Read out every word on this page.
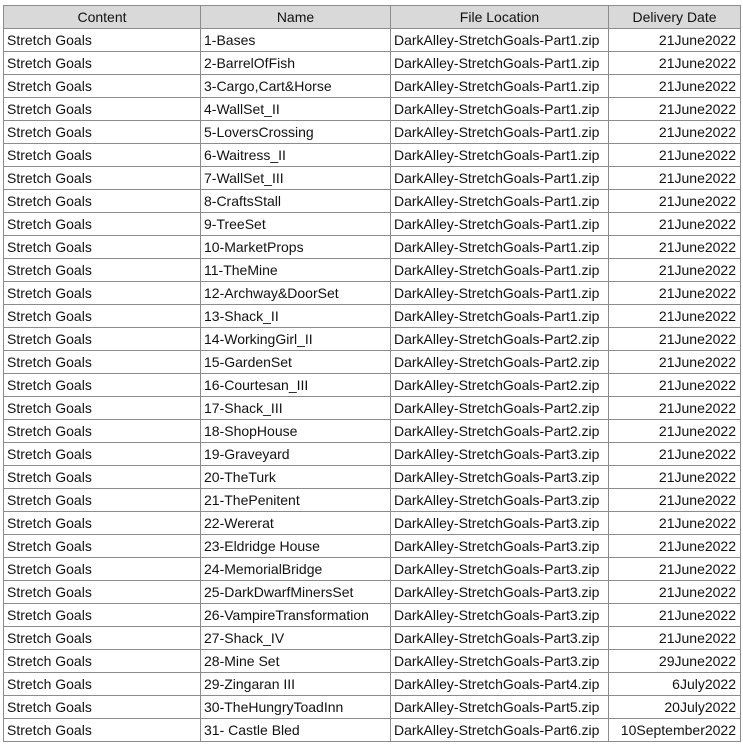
Content	Name	File Location	Delivery Date
Stretch Goals	1-Bases	DarkAlley-StretchGoals-Part1.zip	21June2022
Stretch Goals	2-BarrelOfFish	DarkAlley-StretchGoals-Part1.zip	21June2022
Stretch Goals	3-Cargo,Cart&Horse	DarkAlley-StretchGoals-Part1.zip	21June2022
Stretch Goals	4-WallSet_II	DarkAlley-StretchGoals-Part1.zip	21June2022
Stretch Goals	5-LoversCrossing	DarkAlley-StretchGoals-Part1.zip	21June2022
Stretch Goals	6-Waitress_II	DarkAlley-StretchGoals-Part1.zip	21June2022
Stretch Goals	7-WallSet_III	DarkAlley-StretchGoals-Part1.zip	21June2022
Stretch Goals	8-CraftsStall	DarkAlley-StretchGoals-Part1.zip	21June2022
Stretch Goals	9-TreeSet	DarkAlley-StretchGoals-Part1.zip	21June2022
Stretch Goals	10-MarketProps	DarkAlley-StretchGoals-Part1.zip	21June2022
Stretch Goals	11-TheMine	DarkAlley-StretchGoals-Part1.zip	21June2022
Stretch Goals	12-Archway&DoorSet	DarkAlley-StretchGoals-Part1.zip	21June2022
Stretch Goals	13-Shack_II	DarkAlley-StretchGoals-Part1.zip	21June2022
Stretch Goals	14-WorkingGirl_II	DarkAlley-StretchGoals-Part2.zip	21June2022
Stretch Goals	15-GardenSet	DarkAlley-StretchGoals-Part2.zip	21June2022
Stretch Goals	16-Courtesan_III	DarkAlley-StretchGoals-Part2.zip	21June2022
Stretch Goals	17-Shack_III	DarkAlley-StretchGoals-Part2.zip	21June2022
Stretch Goals	18-ShopHouse	DarkAlley-StretchGoals-Part2.zip	21June2022
Stretch Goals	19-Graveyard	DarkAlley-StretchGoals-Part3.zip	21June2022
Stretch Goals	20-TheTurk	DarkAlley-StretchGoals-Part3.zip	21June2022
Stretch Goals	21-ThePenitent	DarkAlley-StretchGoals-Part3.zip	21June2022
Stretch Goals	22-Wererat	DarkAlley-StretchGoals-Part3.zip	21June2022
Stretch Goals	23-Eldridge House	DarkAlley-StretchGoals-Part3.zip	21June2022
Stretch Goals	24-MemorialBridge	DarkAlley-StretchGoals-Part3.zip	21June2022
Stretch Goals	25-DarkDwarfMinersSet	DarkAlley-StretchGoals-Part3.zip	21June2022
Stretch Goals	26-VampireTransformation	DarkAlley-StretchGoals-Part3.zip	21June2022
Stretch Goals	27-Shack_IV	DarkAlley-StretchGoals-Part3.zip	21June2022
Stretch Goals	28-Mine Set	DarkAlley-StretchGoals-Part3.zip	29June2022
Stretch Goals	29-Zingaran III	DarkAlley-StretchGoals-Part4.zip	6July2022
Stretch Goals	30-TheHungryToadInn	DarkAlley-StretchGoals-Part5.zip	20July2022
Stretch Goals	31- Castle Bled	DarkAlley-StretchGoals-Part6.zip	10September2022
